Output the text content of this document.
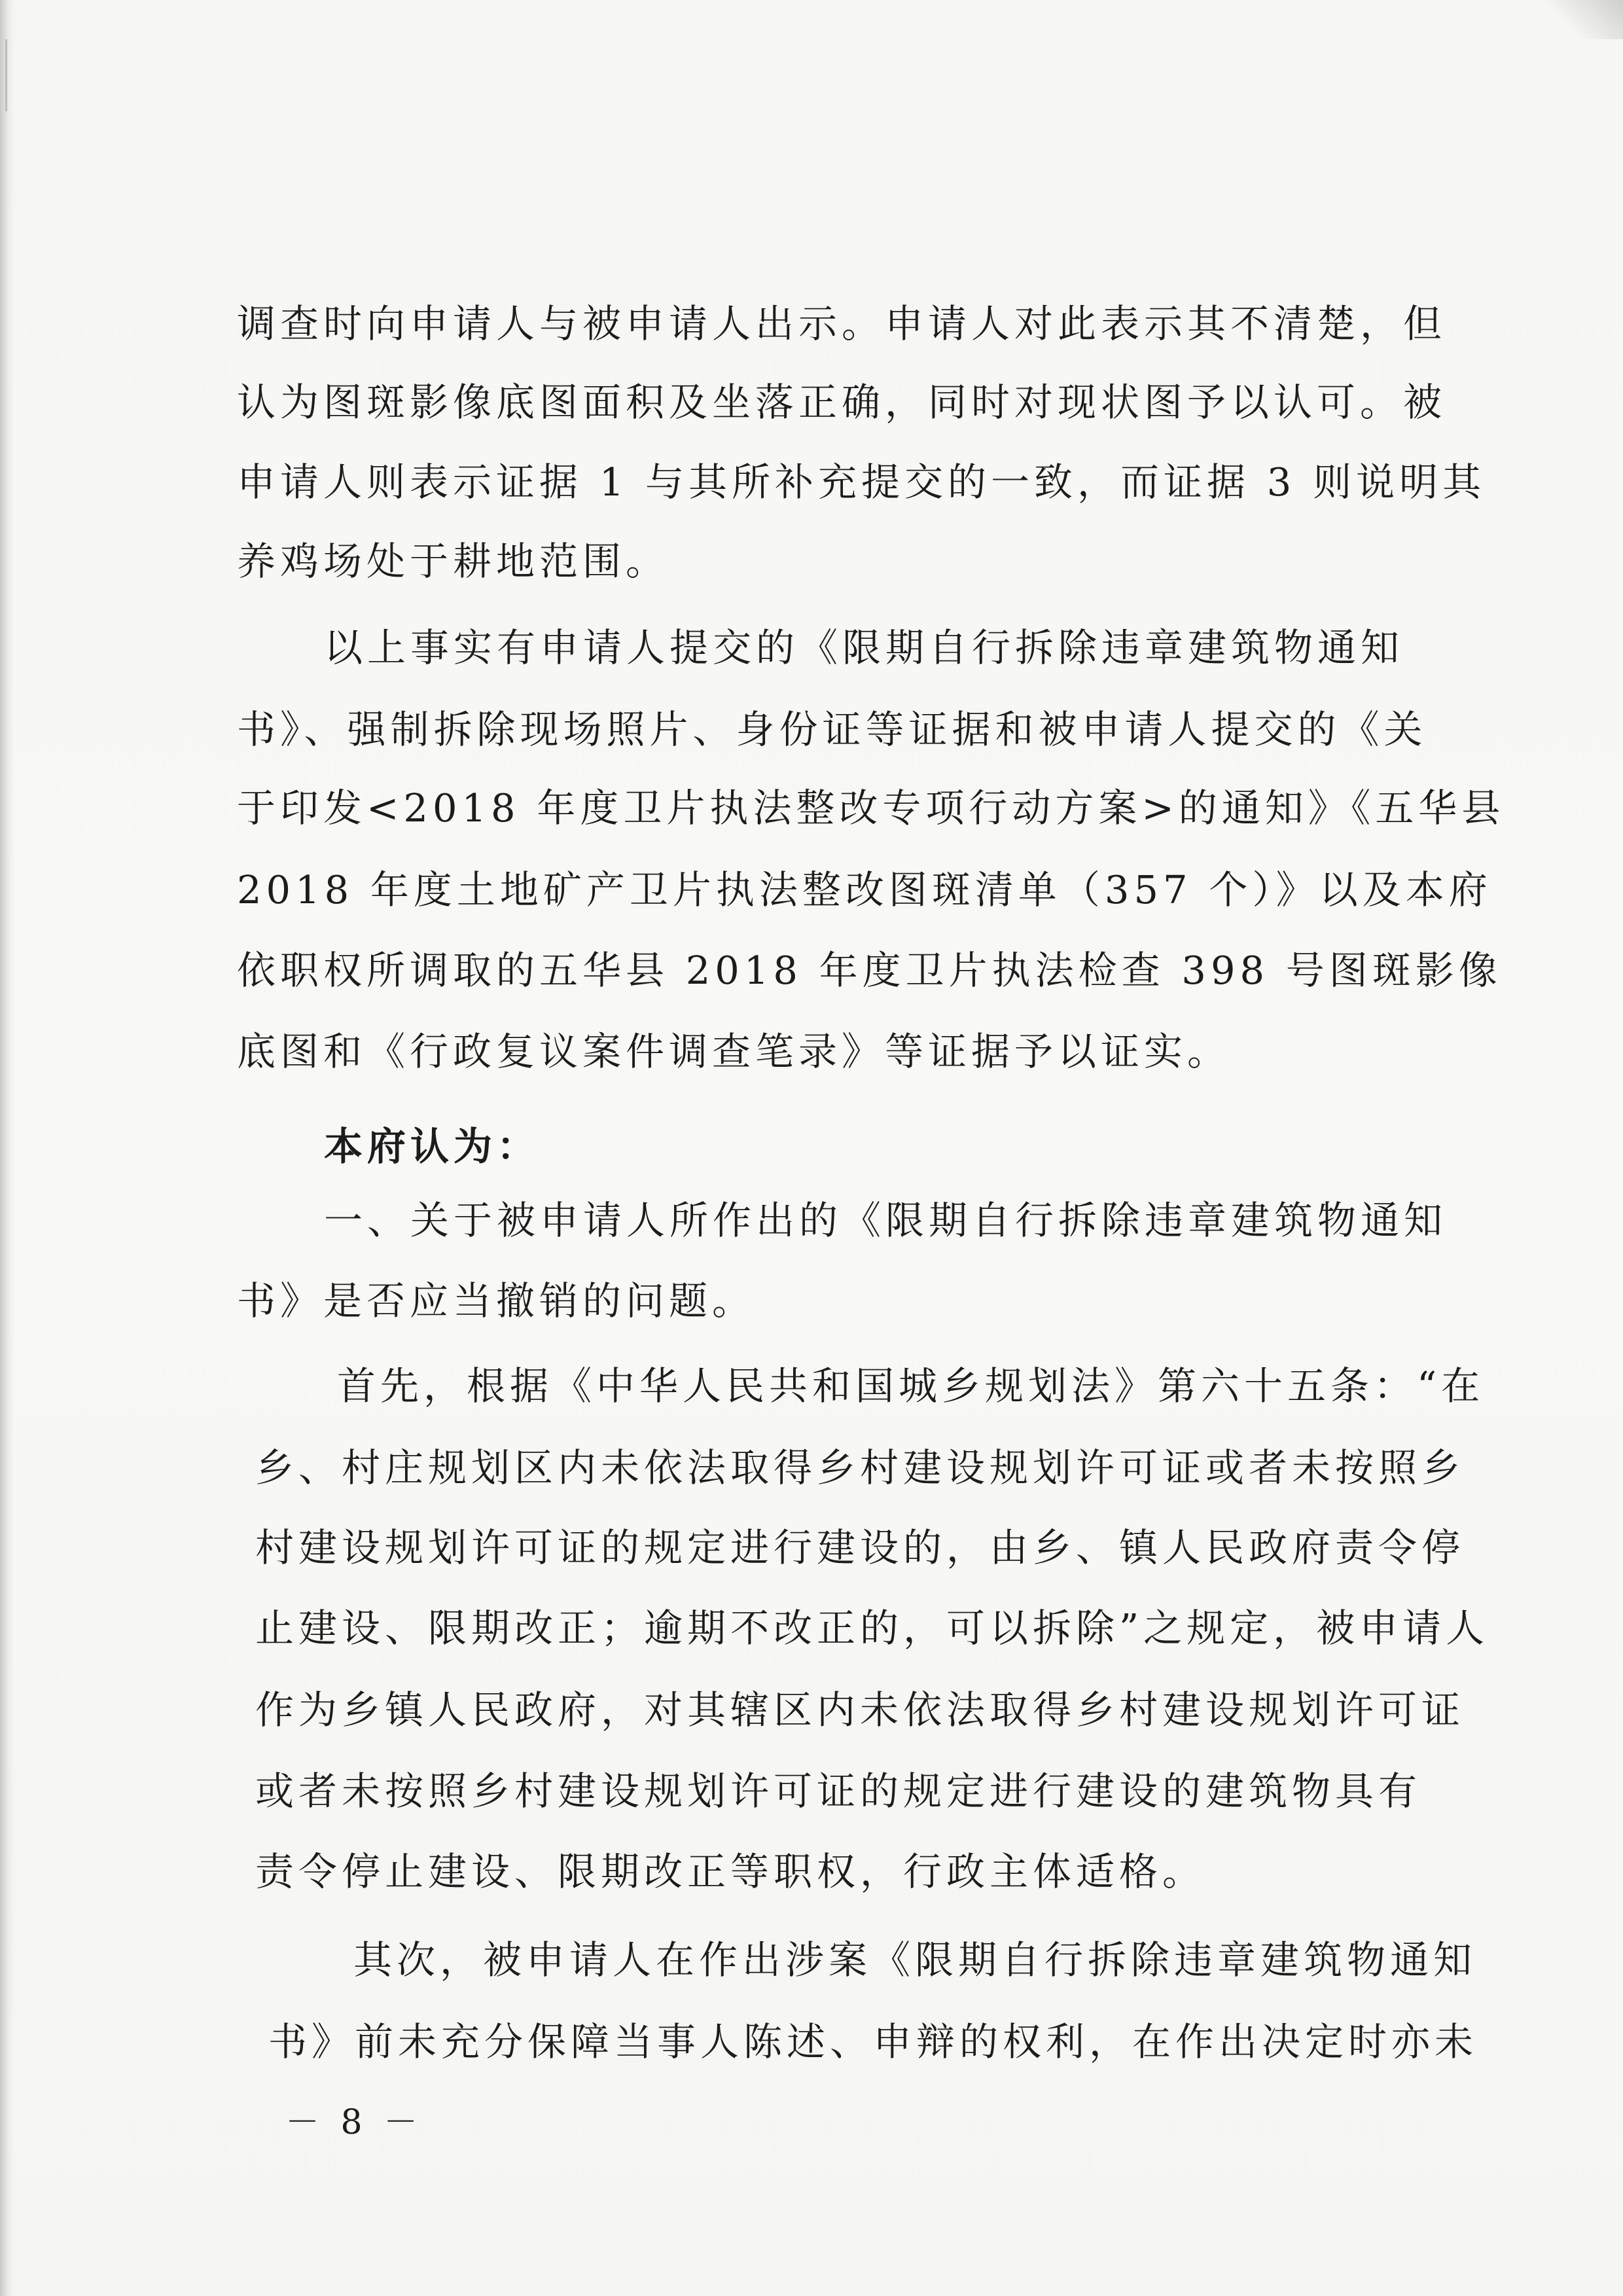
调查时向申请人与被申请人出示。申请人对此表示其不清楚，但
认为图斑影像底图面积及坐落正确，同时对现状图予以认可。被
申请人则表示证据 1 与其所补充提交的一致，而证据 3 则说明其
养鸡场处于耕地范围。
以上事实有申请人提交的《限期自行拆除违章建筑物通知
书》、强制拆除现场照片、身份证等证据和被申请人提交的《关
于印发<2018 年度卫片执法整改专项行动方案>的通知》《五华县
2018 年度土地矿产卫片执法整改图斑清单（357 个）》以及本府
依职权所调取的五华县 2018 年度卫片执法检查 398 号图斑影像
底图和《行政复议案件调查笔录》等证据予以证实。
本府认为：
一、关于被申请人所作出的《限期自行拆除违章建筑物通知
书》是否应当撤销的问题。
首先，根据《中华人民共和国城乡规划法》第六十五条：“在
乡、村庄规划区内未依法取得乡村建设规划许可证或者未按照乡
村建设规划许可证的规定进行建设的，由乡、镇人民政府责令停
止建设、限期改正；逾期不改正的，可以拆除”之规定，被申请人
作为乡镇人民政府，对其辖区内未依法取得乡村建设规划许可证
或者未按照乡村建设规划许可证的规定进行建设的建筑物具有
责令停止建设、限期改正等职权，行政主体适格。
其次，被申请人在作出涉案《限期自行拆除违章建筑物通知
书》前未充分保障当事人陈述、申辩的权利，在作出决定时亦未
－ 8 －
